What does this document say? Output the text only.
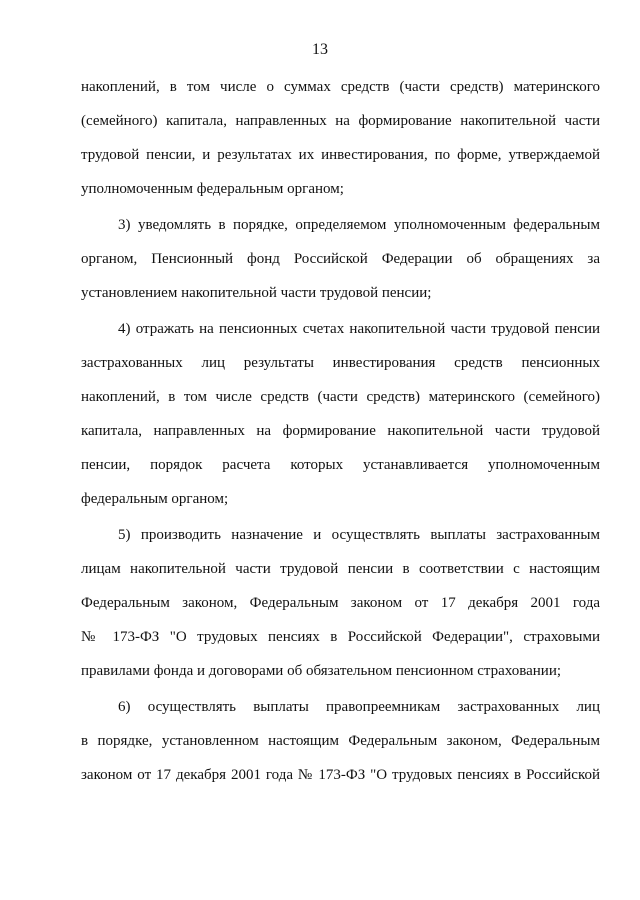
13
накоплений, в том числе о суммах средств (части средств) материнского
(семейного) капитала, направленных на формирование накопительной части
трудовой пенсии, и результатах их инвестирования, по форме, утверждаемой
уполномоченным федеральным органом;
3) уведомлять в порядке, определяемом уполномоченным федеральным
органом, Пенсионный фонд Российской Федерации об обращениях за
установлением накопительной части трудовой пенсии;
4) отражать на пенсионных счетах накопительной части трудовой пенсии
застрахованных лиц результаты инвестирования средств пенсионных
накоплений, в том числе средств (части средств) материнского (семейного)
капитала, направленных на формирование накопительной части трудовой
пенсии, порядок расчета которых устанавливается уполномоченным
федеральным органом;
5) производить назначение и осуществлять выплаты застрахованным
лицам накопительной части трудовой пенсии в соответствии с настоящим
Федеральным законом, Федеральным законом от 17 декабря 2001 года
№ 173-ФЗ "О трудовых пенсиях в Российской Федерации", страховыми
правилами фонда и договорами об обязательном пенсионном страховании;
6) осуществлять выплаты правопреемникам застрахованных лиц
в порядке, установленном настоящим Федеральным законом, Федеральным
законом от 17 декабря 2001 года № 173-ФЗ "О трудовых пенсиях в Российской
